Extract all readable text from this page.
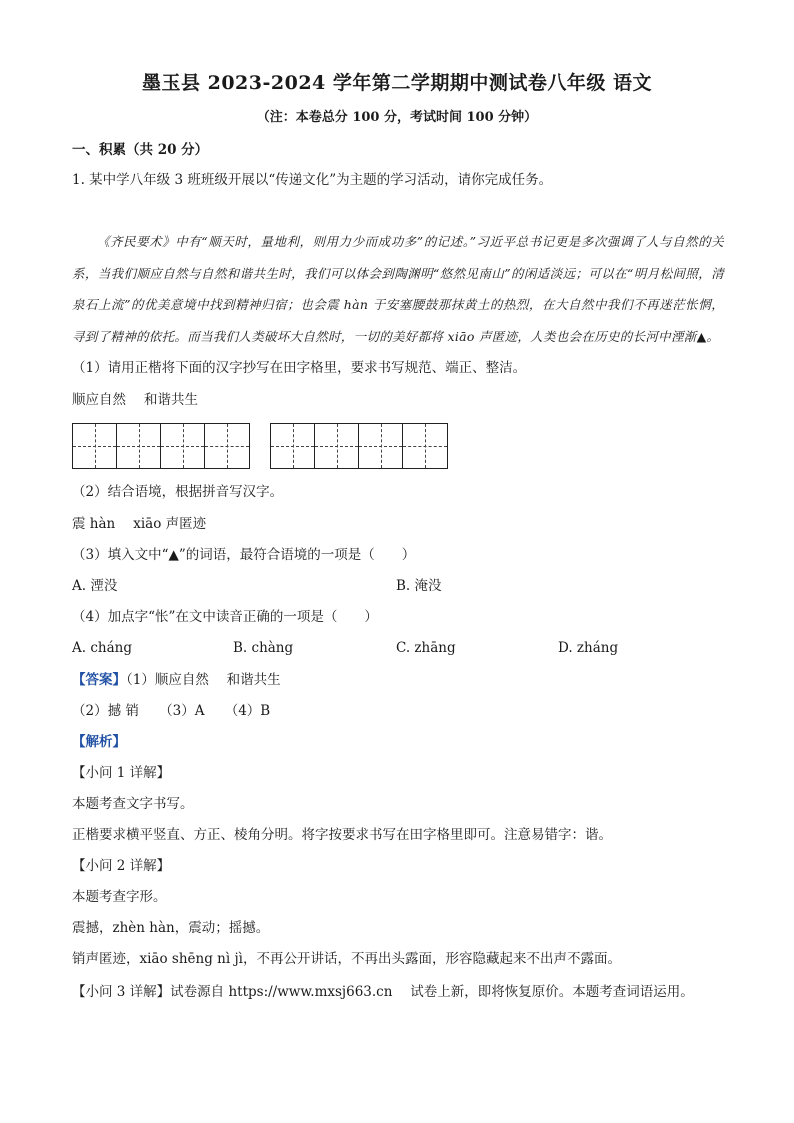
墨玉县 2023-2024 学年第二学期期中测试卷八年级 语文
（注：本卷总分 100 分，考试时间 100 分钟）
一、积累（共 20 分）
1. 某中学八年级 3 班班级开展以“传递文化”为主题的学习活动，请你完成任务。
《齐民要术》中有“顺天时，量地利，则用力少而成功多”的记述。”习近平总书记更是多次强调了人与自然的关系，当我们顺应自然与自然和谐共生时，我们可以体会到陶渊明“悠然见南山”的闲适淡远；可以在“明月松间照，清泉石上流”的优美意境中找到精神归宿；也会震 hàn 于安塞腰鼓那抹黄土的热烈，在大自然中我们不再迷茫怅惘，寻到了精神的依托。而当我们人类破坏大自然时，一切的美好都将 xiāo 声匿迹，人类也会在历史的长河中湮渐▲。
（1）请用正楷将下面的汉字抄写在田字格里，要求书写规范、端正、整洁。
顺应自然 和谐共生
（2）结合语境，根据拼音写汉字。
震 hàn xiāo 声匿迹
（3）填入文中“▲”的词语，最符合语境的一项是（　　）
A. 湮没	B. 淹没
（4）加点字“怅”在文中读音正确的一项是（　　）
A. cháng	B. chàng	C. zhāng	D. zháng
【答案】（1）顺应自然　 和谐共生
（2）撼 销　　（3）A　　（4）B
【解析】
【小问 1 详解】
本题考查文字书写。
正楷要求横平竖直、方正、棱角分明。将字按要求书写在田字格里即可。注意易错字：谐。
【小问 2 详解】
本题考查字形。
震撼，zhèn hàn，震动；摇撼。
销声匿迹，xiāo shēng nì jì，不再公开讲话，不再出头露面，形容隐藏起来不出声不露面。
【小问 3 详解】试卷源自 https://www.mxsj663.cn　 试卷上新，即将恢复原价。本题考查词语运用。
